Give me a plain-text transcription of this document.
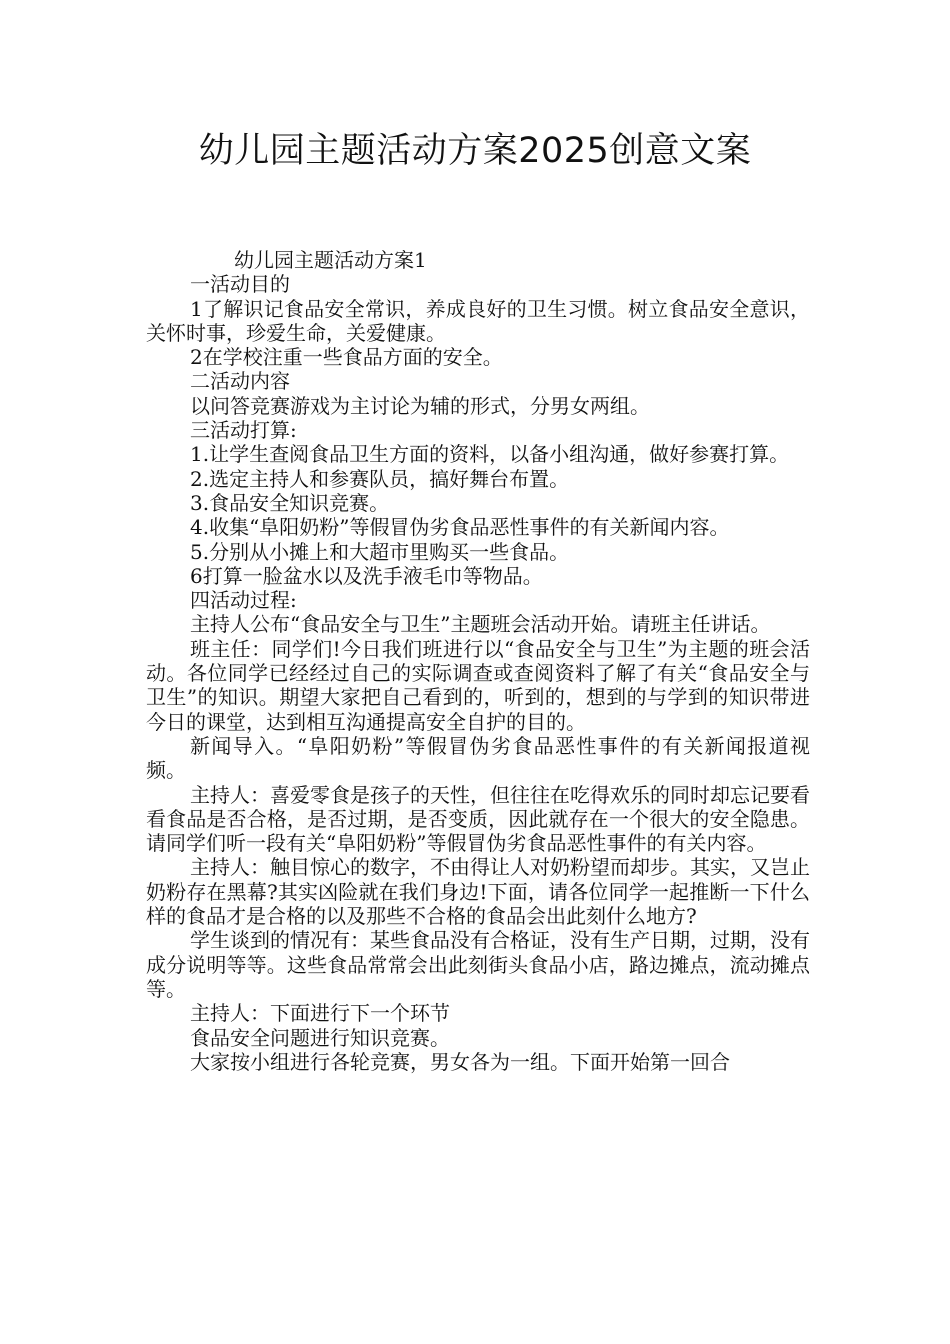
幼儿园主题活动方案2025创意文案

幼儿园主题活动方案1

一活动目的

1了解识记食品安全常识，养成良好的卫生习惯。树立食品安全意识，关怀时事，珍爱生命，关爱健康。

2在学校注重一些食品方面的安全。

二活动内容

以问答竞赛游戏为主讨论为辅的形式，分男女两组。

三活动打算:

1.让学生查阅食品卫生方面的资料，以备小组沟通，做好参赛打算。

2.选定主持人和参赛队员，搞好舞台布置。

3.食品安全知识竞赛。

4.收集“阜阳奶粉”等假冒伪劣食品恶性事件的有关新闻内容。

5.分别从小摊上和大超市里购买一些食品。

6打算一脸盆水以及洗手液毛巾等物品。

四活动过程:

主持人公布“食品安全与卫生”主题班会活动开始。请班主任讲话。

班主任：同学们!今日我们班进行以“食品安全与卫生”为主题的班会活动。各位同学已经经过自己的实际调查或查阅资料了解了有关“食品安全与卫生”的知识。期望大家把自己看到的，听到的，想到的与学到的知识带进今日的课堂，达到相互沟通提高安全自护的目的。

新闻导入。“阜阳奶粉”等假冒伪劣食品恶性事件的有关新闻报道视频。

主持人：喜爱零食是孩子的天性，但往往在吃得欢乐的同时却忘记要看看食品是否合格，是否过期，是否变质，因此就存在一个很大的安全隐患。请同学们听一段有关“阜阳奶粉”等假冒伪劣食品恶性事件的有关内容。

主持人：触目惊心的数字，不由得让人对奶粉望而却步。其实，又岂止奶粉存在黑幕?其实凶险就在我们身边!下面，请各位同学一起推断一下什么样的食品才是合格的以及那些不合格的食品会出此刻什么地方?

学生谈到的情况有：某些食品没有合格证，没有生产日期，过期，没有成分说明等等。这些食品常常会出此刻街头食品小店，路边摊点，流动摊点等。

主持人：下面进行下一个环节

食品安全问题进行知识竞赛。

大家按小组进行各轮竞赛，男女各为一组。下面开始第一回合
